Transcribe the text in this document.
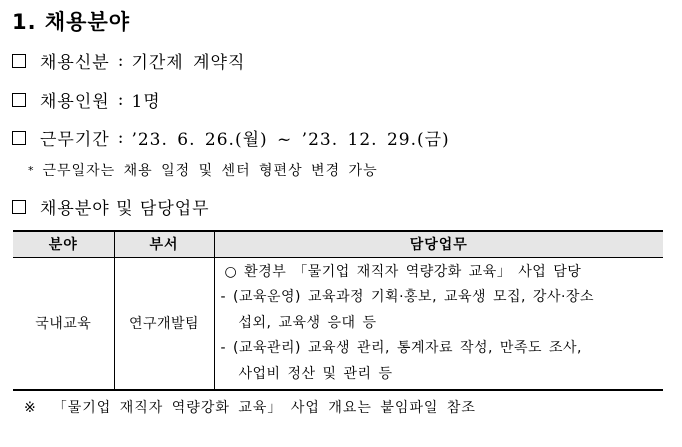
1. 채용분야
채용신분 : 기간제 계약직
채용인원 : 1명
근무기간 : ’23. 6. 26.(월) ~ ’23. 12. 29.(금)
* 근무일자는 채용 일정 및 센터 형편상 변경 가능
채용분야 및 담당업무
분야	부서	담당업무
국내교육	연구개발팀	○ 환경부 「물기업 재직자 역량강화 교육」 사업 담당
- (교육운영) 교육과정 기획·홍보, 교육생 모집, 강사·장소
섭외, 교육생 응대 등
- (교육관리) 교육생 관리, 통계자료 작성, 만족도 조사,
사업비 정산 및 관리 등
※ 「물기업 재직자 역량강화 교육」 사업 개요는 붙임파일 참조
